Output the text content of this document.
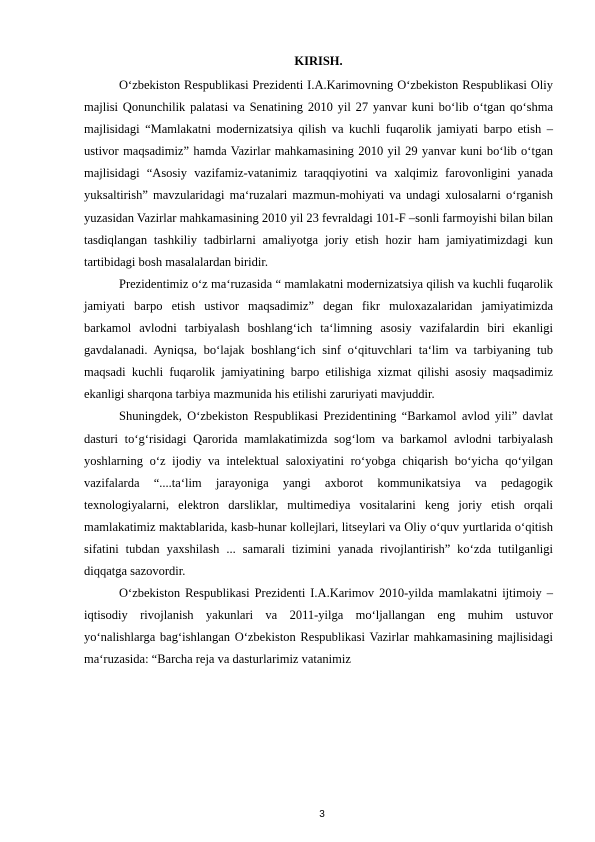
KIRISH.

O‘zbekiston Respublikasi Prezidenti I.A.Karimovning O‘zbekiston Respublikasi Oliy majlisi Qonunchilik palatasi va Senatining 2010 yil 27 yanvar kuni bo‘lib o‘tgan qo‘shma majlisidagi “Mamlakatni modernizatsiya qilish va kuchli fuqarolik jamiyati barpo etish – ustivor maqsadimiz” hamda Vazirlar mahkamasining 2010 yil 29 yanvar kuni bo‘lib o‘tgan majlisidagi “Asosiy vazifamiz-vatanimiz taraqqiyotini va xalqimiz farovonligini yanada yuksaltirish” mavzularidagi ma‘ruzalari mazmun-mohiyati va undagi xulosalarni o‘rganish yuzasidan Vazirlar mahkamasining 2010 yil 23 fevraldagi 101-F –sonli farmoyishi bilan bilan tasdiqlangan tashkiliy tadbirlarni amaliyotga joriy etish hozir ham jamiyatimizdagi kun tartibidagi bosh masalalardan biridir.

Prezidentimiz o‘z ma‘ruzasida “ mamlakatni modernizatsiya qilish va kuchli fuqarolik jamiyati barpo etish ustivor maqsadimiz” degan fikr muloxazalaridan jamiyatimizda barkamol avlodni tarbiyalash boshlang‘ich ta‘limning asosiy vazifalardin biri ekanligi gavdalanadi. Ayniqsa, bo‘lajak boshlang‘ich sinf o‘qituvchlari ta‘lim va tarbiyaning tub maqsadi kuchli fuqarolik jamiyatining barpo etilishiga xizmat qilishi asosiy maqsadimiz ekanligi sharqona tarbiya mazmunida his etilishi zaruriyati mavjuddir.

Shuningdek, O‘zbekiston Respublikasi Prezidentining “Barkamol avlod yili” davlat dasturi to‘g‘risidagi Qarorida mamlakatimizda sog‘lom va barkamol avlodni tarbiyalash yoshlarning o‘z ijodiy va intelektual saloxiyatini ro‘yobga chiqarish bo‘yicha qo‘yilgan vazifalarda “....ta‘lim jarayoniga yangi axborot kommunikatsiya va pedagogik texnologiyalarni, elektron darsliklar, multimediya vositalarini keng joriy etish orqali mamlakatimiz maktablarida, kasb-hunar kollejlari, litseylari va Oliy o‘quv yurtlarida o‘qitish sifatini tubdan yaxshilash ... samarali tizimini yanada rivojlantirish” ko‘zda tutilganligi diqqatga sazovordir.

O‘zbekiston Respublikasi Prezidenti I.A.Karimov 2010-yilda mamlakatni ijtimoiy – iqtisodiy rivojlanish yakunlari va 2011-yilga mo‘ljallangan eng muhim ustuvor yo‘nalishlarga bag‘ishlangan O‘zbekiston Respublikasi Vazirlar mahkamasining majlisidagi ma‘ruzasida: “Barcha reja va dasturlarimiz vatanimiz

3
